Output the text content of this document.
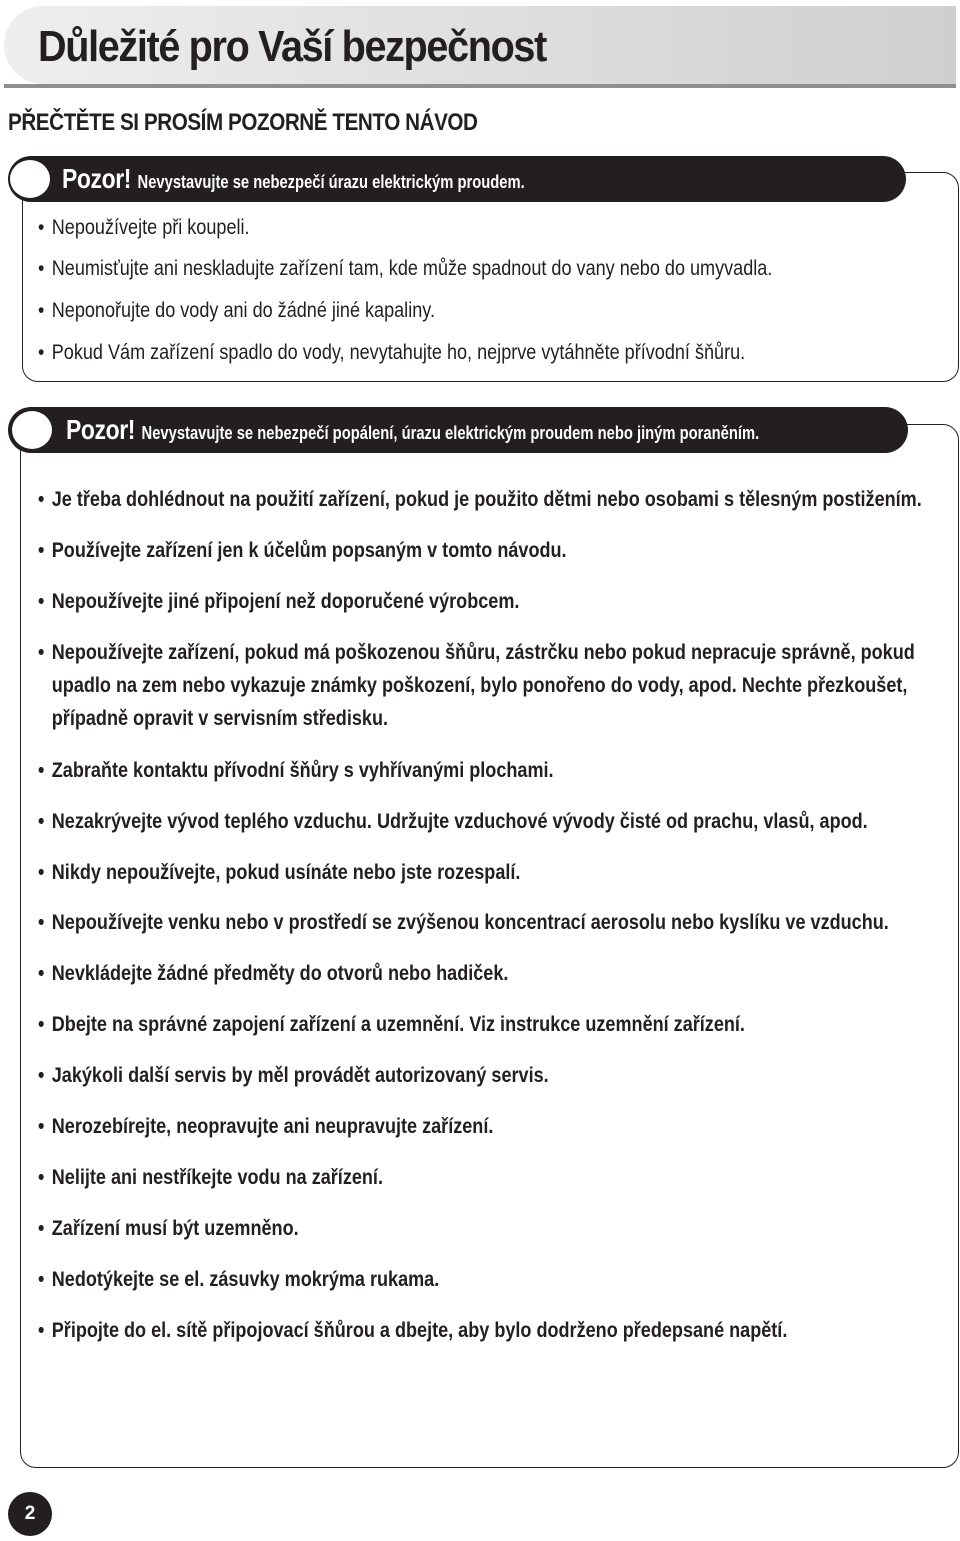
Důležité pro Vaší bezpečnost
PŘEČTĚTE SI PROSÍM POZORNĚ TENTO NÁVOD
Pozor! Nevystavujte se nebezpečí úrazu elektrickým proudem.
• Nepoužívejte při koupeli.
• Neumisťujte ani neskladujte zařízení tam, kde může spadnout do vany nebo do umyvadla.
• Neponořujte do vody ani do žádné jiné kapaliny.
• Pokud Vám zařízení spadlo do vody, nevytahujte ho, nejprve vytáhněte přívodní šňůru.
Pozor! Nevystavujte se nebezpečí popálení, úrazu elektrickým proudem nebo jiným poraněním.
• Je třeba dohlédnout na použití zařízení, pokud je použito dětmi nebo osobami s tělesným postižením.
• Používejte zařízení jen k účelům popsaným v tomto návodu.
• Nepoužívejte jiné připojení než doporučené výrobcem.
• Nepoužívejte zařízení, pokud má poškozenou šňůru, zástrčku nebo pokud nepracuje správně, pokud upadlo na zem nebo vykazuje známky poškození, bylo ponořeno do vody, apod. Nechte přezkoušet, případně opravit v servisním středisku.
• Zabraňte kontaktu přívodní šňůry s vyhřívanými plochami.
• Nezakrývejte vývod teplého vzduchu. Udržujte vzduchové vývody čisté od prachu, vlasů, apod.
• Nikdy nepoužívejte, pokud usínáte nebo jste rozespalí.
• Nepoužívejte venku nebo v prostředí se zvýšenou koncentrací aerosolu nebo kyslíku ve vzduchu.
• Nevkládejte žádné předměty do otvorů nebo hadiček.
• Dbejte na správné zapojení zařízení a uzemnění. Viz instrukce uzemnění zařízení.
• Jakýkoli další servis by měl provádět autorizovaný servis.
• Nerozebírejte, neopravujte ani neupravujte zařízení.
• Nelijte ani nestříkejte vodu na zařízení.
• Zařízení musí být uzemněno.
• Nedotýkejte se el. zásuvky mokrýma rukama.
• Připojte do el. sítě připojovací šňůrou a dbejte, aby bylo dodrženo předepsané napětí.
2
